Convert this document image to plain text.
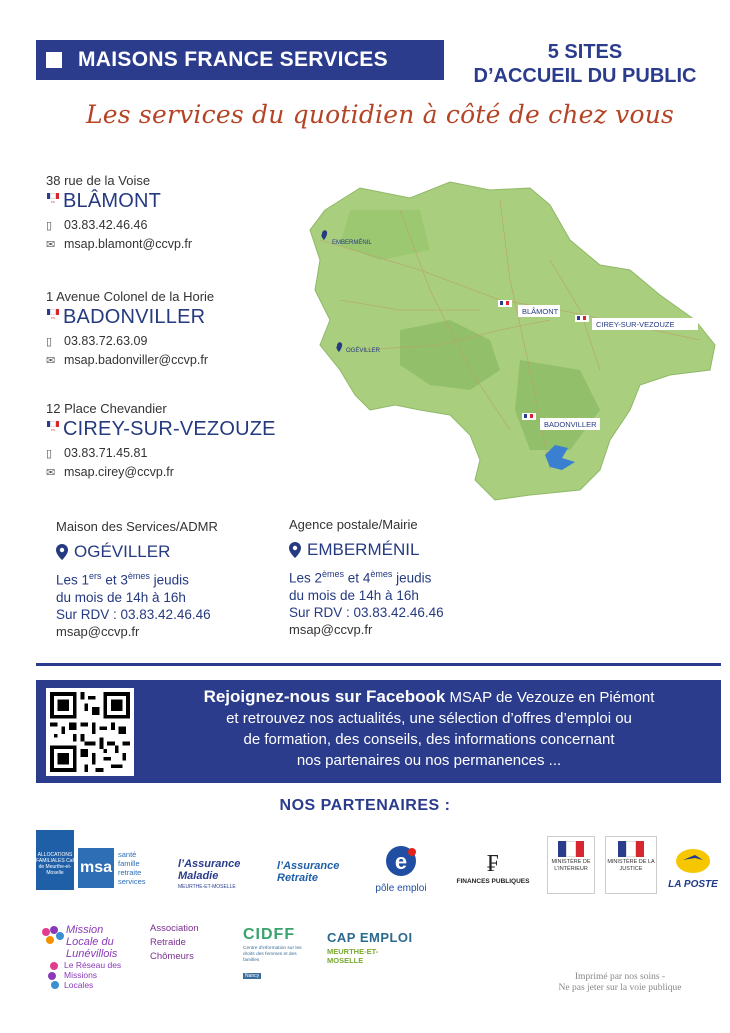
MAISONS FRANCE SERVICES	5 SITES
D’ACCUEIL DU PUBLIC
Les services du quotidien à côté de chez vous
38 rue de la Voise
FS BLÂMONT
▯ 03.83.42.46.46
✉ msap.blamont@ccvp.fr
1 Avenue Colonel de la Horie
FS BADONVILLER
▯ 03.83.72.63.09
✉ msap.badonviller@ccvp.fr
12 Place Chevandier
FS CIREY-SUR-VEZOUZE
▯ 03.83.71.45.81
✉ msap.cirey@ccvp.fr
Maison des Services/ADMR
OGÉVILLER
Les 1ers et 3èmes jeudis
du mois de 14h à 16h
Sur RDV : 03.83.42.46.46
msap@ccvp.fr
Agence postale/Mairie
EMBERMÉNIL
Les 2èmes et 4èmes jeudis
du mois de 14h à 16h
Sur RDV : 03.83.42.46.46
msap@ccvp.fr
EMBERMÉNIL
OGÉVILLER
BLÂMONT
CIREY-SUR-VEZOUZE
BADONVILLER
Rejoignez-nous sur Facebook MSAP de Vezouze en Piémont
et retrouvez nos actualités, une sélection d’offres d’emploi ou
de formation, des conseils, des informations concernant
nos partenaires ou nos permanences ...
NOS PARTENAIRES :
ALLOCATIONS FAMILIALES Caf de Meurthe-et-Moselle	msa
santé
famille
retraite
services
l’Assurance Maladie
MEURTHE-ET-MOSELLE
l’Assurance Retraite
e
pôle emploi
₣
FINANCES PUBLIQUES
MINISTÈRE DE L’INTÉRIEUR
MINISTÈRE DE LA JUSTICE
LA POSTE
Mission Locale du Lunévillois
Le Réseau des Missions Locales
Association
Retraide
Chômeurs
CIDFF
Centre d'information sur les droits des femmes et des familles
Nancy
CAP EMPLOI
MEURTHE-ET-MOSELLE
Imprimé par nos soins -
Ne pas jeter sur la voie publique
